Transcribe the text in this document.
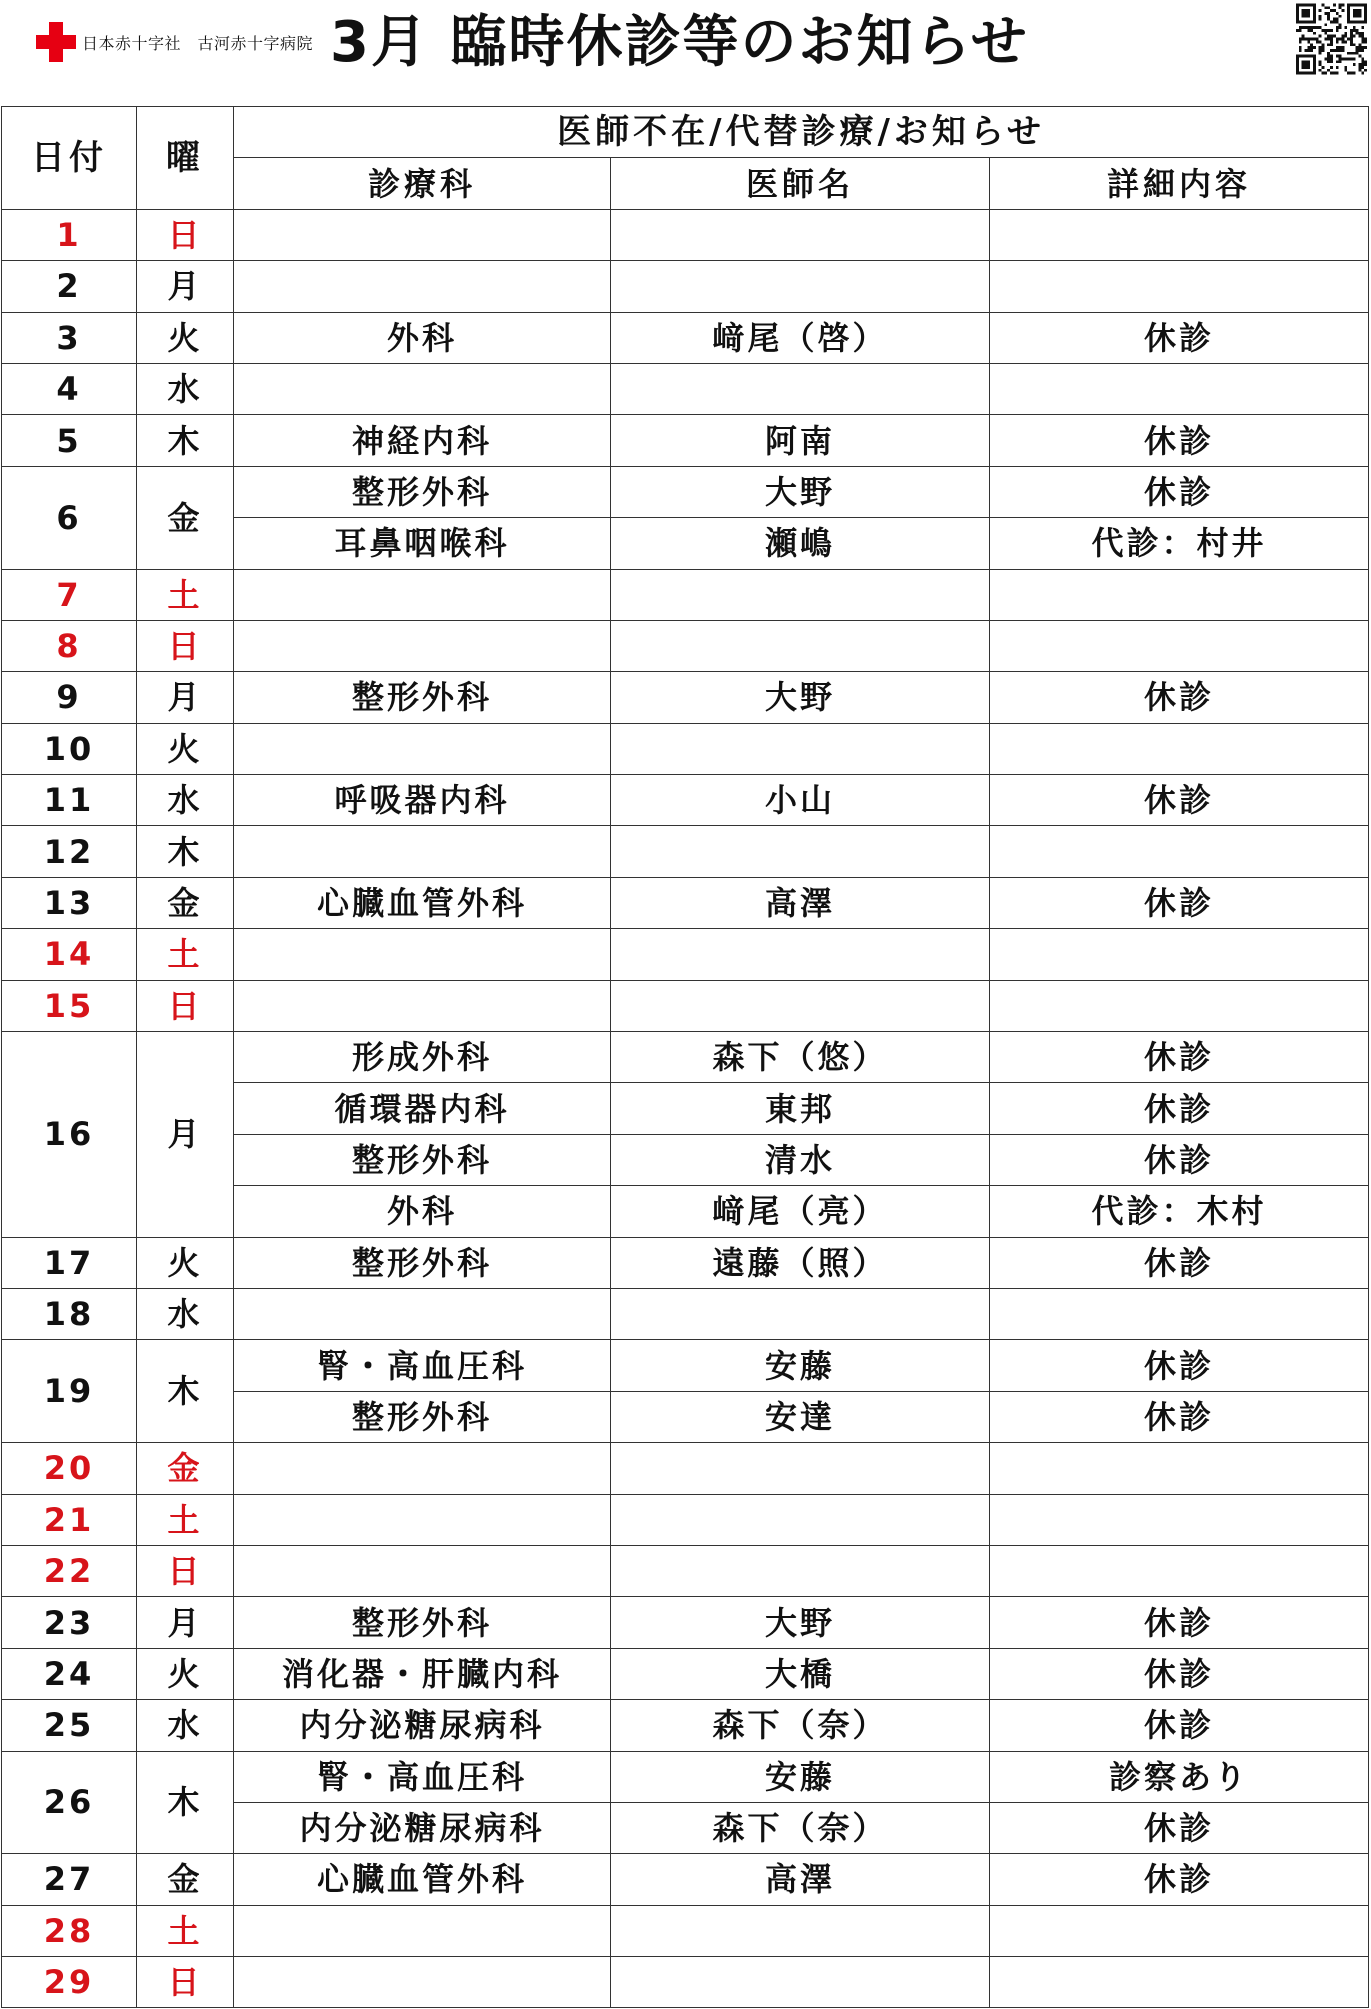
日本赤十字社　古河赤十字病院 3月 臨時休診等のお知らせ
日付	曜	医師不在/代替診療/お知らせ		
		診療科	医師名	詳細内容
1	日			
2	月			
3	火	外科	﨑尾（啓）	休診
4	水			
5	木	神経内科	阿南	休診
6	金	整形外科	大野	休診
		耳鼻咽喉科	瀬嶋	代診：村井
7	土			
8	日			
9	月	整形外科	大野	休診
10	火			
11	水	呼吸器内科	小山	休診
12	木			
13	金	心臓血管外科	高澤	休診
14	土			
15	日			
16	月	形成外科	森下（悠）	休診
		循環器内科	東邦	休診
		整形外科	清水	休診
		外科	﨑尾（亮）	代診：木村
17	火	整形外科	遠藤（照）	休診
18	水			
19	木	腎・高血圧科	安藤	休診
		整形外科	安達	休診
20	金			
21	土			
22	日			
23	月	整形外科	大野	休診
24	火	消化器・肝臓内科	大橋	休診
25	水	内分泌糖尿病科	森下（奈）	休診
26	木	腎・高血圧科	安藤	診察あり
		内分泌糖尿病科	森下（奈）	休診
27	金	心臓血管外科	高澤	休診
28	土			
29	日			
